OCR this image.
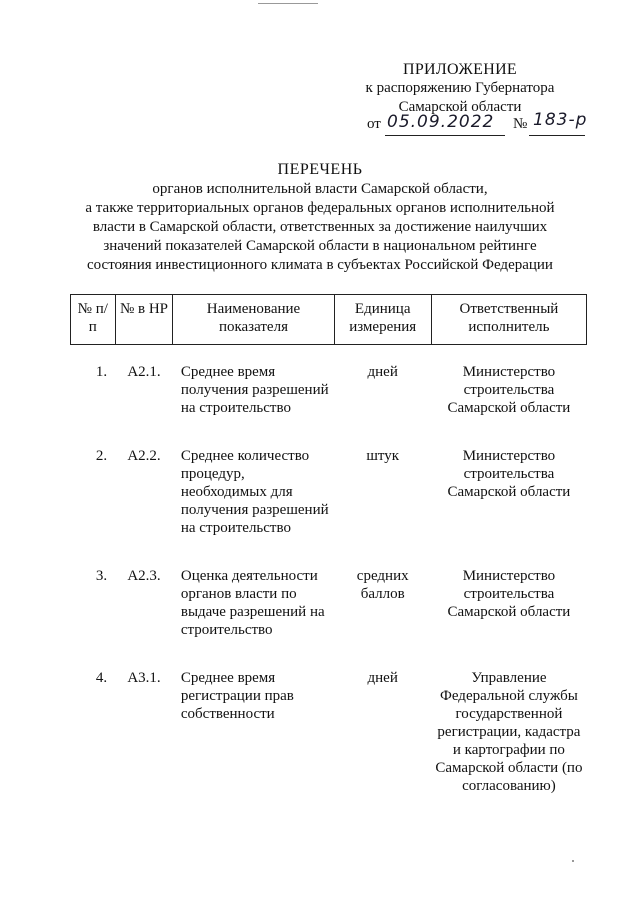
ПРИЛОЖЕНИЕ
к распоряжению Губернатора
Самарской области
от 05.09.2022 № 183-р
ПЕРЕЧЕНЬ
органов исполнительной власти Самарской области,
а также территориальных органов федеральных органов исполнительной
власти в Самарской области, ответственных за достижение наилучших
значений показателей Самарской области в национальном рейтинге
состояния инвестиционного климата в субъектах Российской Федерации
№ п/п	№ в НР	Наименование показателя	Единица измерения	Ответственный исполнитель
1.	А2.1.	Среднее время получения разрешений на строительство	дней	Министерство строительства Самарской области

2.	А2.2.	Среднее количество процедур, необходимых для получения разрешений на строительство	штук	Министерство строительства Самарской области

3.	А2.3.	Оценка деятельности органов власти по выдаче разрешений на строительство	средних баллов	Министерство строительства Самарской области

4.	А3.1.	Среднее время регистрации прав собственности	дней	Управление Федеральной службы государственной регистрации, кадастра и картографии по Самарской области (по согласованию)
